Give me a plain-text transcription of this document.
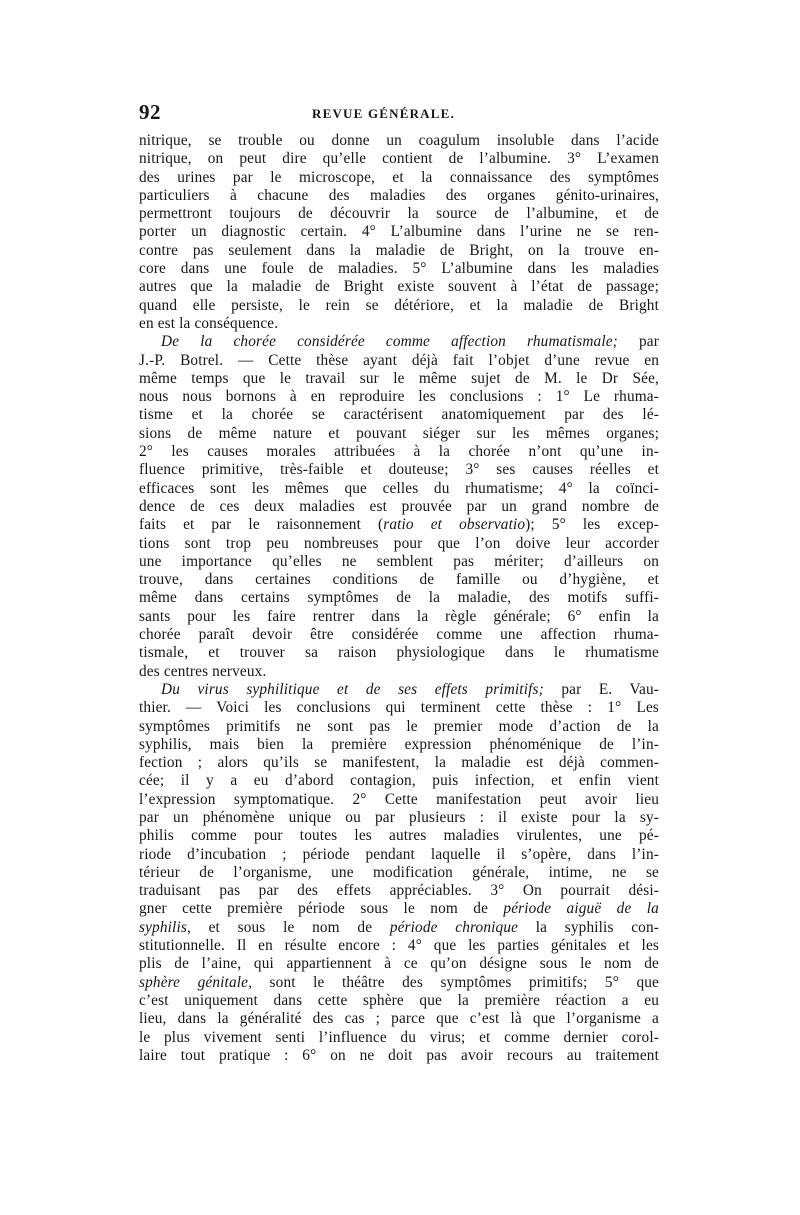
92	REVUE GÉNÉRALE.
nitrique, se trouble ou donne un coagulum insoluble dans l’acide
nitrique, on peut dire qu’elle contient de l’albumine. 3° L’examen
des urines par le microscope, et la connaissance des symptômes
particuliers à chacune des maladies des organes génito-urinaires,
permettront toujours de découvrir la source de l’albumine, et de
porter un diagnostic certain. 4° L’albumine dans l’urine ne se ren-
contre pas seulement dans la maladie de Bright, on la trouve en-
core dans une foule de maladies. 5° L’albumine dans les maladies
autres que la maladie de Bright existe souvent à l’état de passage;
quand elle persiste, le rein se détériore, et la maladie de Bright
en est la conséquence.
De la chorée considérée comme affection rhumatismale; par
J.-P. Botrel. — Cette thèse ayant déjà fait l’objet d’une revue en
même temps que le travail sur le même sujet de M. le Dr Sée,
nous nous bornons à en reproduire les conclusions : 1° Le rhuma-
tisme et la chorée se caractérisent anatomiquement par des lé-
sions de même nature et pouvant siéger sur les mêmes organes;
2° les causes morales attribuées à la chorée n’ont qu’une in-
fluence primitive, très-faible et douteuse; 3° ses causes réelles et
efficaces sont les mêmes que celles du rhumatisme; 4° la coïnci-
dence de ces deux maladies est prouvée par un grand nombre de
faits et par le raisonnement (ratio et observatio); 5° les excep-
tions sont trop peu nombreuses pour que l’on doive leur accorder
une importance qu’elles ne semblent pas mériter; d’ailleurs on
trouve, dans certaines conditions de famille ou d’hygiène, et
même dans certains symptômes de la maladie, des motifs suffi-
sants pour les faire rentrer dans la règle générale; 6° enfin la
chorée paraît devoir être considérée comme une affection rhuma-
tismale, et trouver sa raison physiologique dans le rhumatisme
des centres nerveux.
Du virus syphilitique et de ses effets primitifs; par E. Vau-
thier. — Voici les conclusions qui terminent cette thèse : 1° Les
symptômes primitifs ne sont pas le premier mode d’action de la
syphilis, mais bien la première expression phénoménique de l’in-
fection ; alors qu’ils se manifestent, la maladie est déjà commen-
cée; il y a eu d’abord contagion, puis infection, et enfin vient
l’expression symptomatique. 2° Cette manifestation peut avoir lieu
par un phénomène unique ou par plusieurs : il existe pour la sy-
philis comme pour toutes les autres maladies virulentes, une pé-
riode d’incubation ; période pendant laquelle il s’opère, dans l’in-
térieur de l’organisme, une modification générale, intime, ne se
traduisant pas par des effets appréciables. 3° On pourrait dési-
gner cette première période sous le nom de période aiguë de la
syphilis, et sous le nom de période chronique la syphilis con-
stitutionnelle. Il en résulte encore : 4° que les parties génitales et les
plis de l’aine, qui appartiennent à ce qu’on désigne sous le nom de
sphère génitale, sont le théâtre des symptômes primitifs; 5° que
c’est uniquement dans cette sphère que la première réaction a eu
lieu, dans la généralité des cas ; parce que c’est là que l’organisme a
le plus vivement senti l’influence du virus; et comme dernier corol-
laire tout pratique : 6° on ne doit pas avoir recours au traitement
